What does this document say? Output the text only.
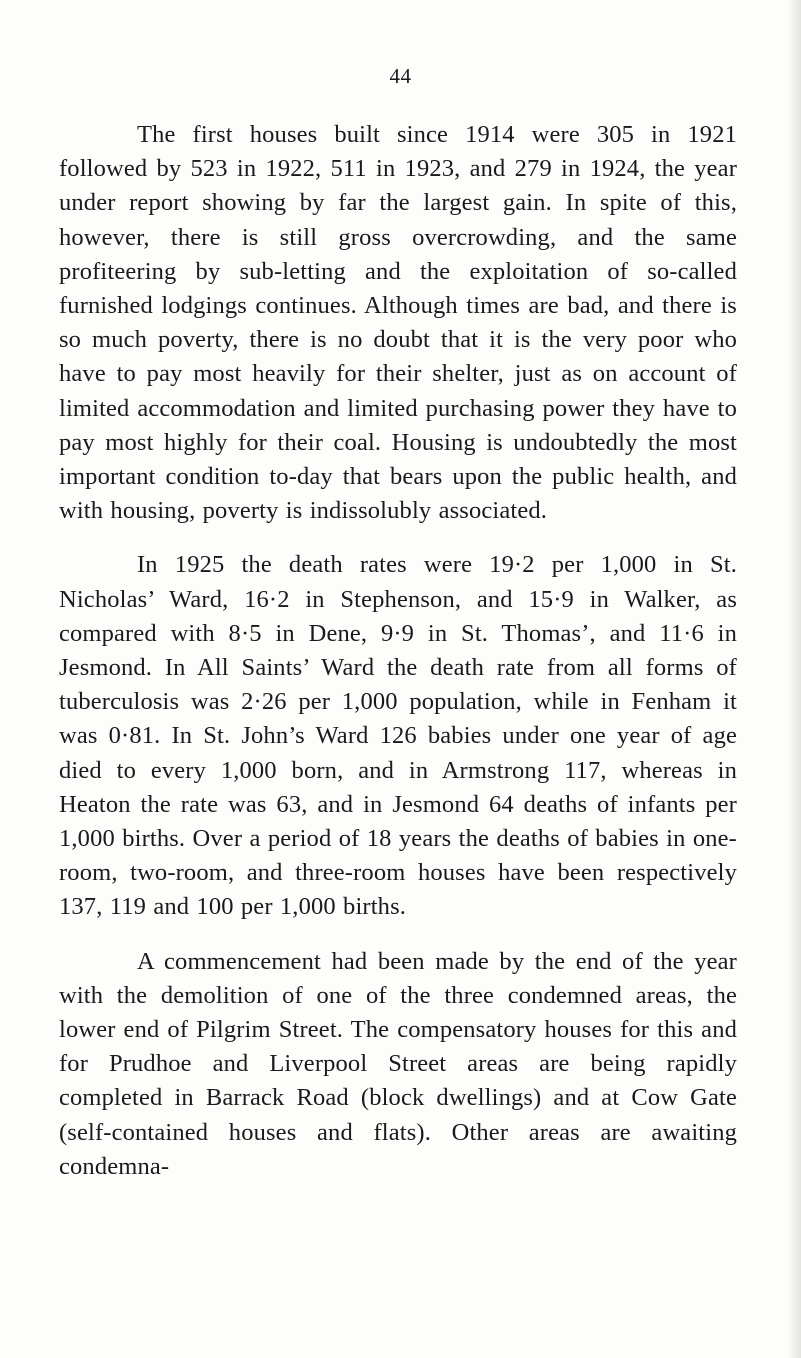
44

The first houses built since 1914 were 305 in 1921 followed by 523 in 1922, 511 in 1923, and 279 in 1924, the year under report showing by far the largest gain. In spite of this, however, there is still gross overcrowding, and the same profiteering by sub-letting and the exploitation of so-called furnished lodgings continues. Although times are bad, and there is so much poverty, there is no doubt that it is the very poor who have to pay most heavily for their shelter, just as on account of limited accommodation and limited purchasing power they have to pay most highly for their coal. Housing is undoubtedly the most important condition to-day that bears upon the public health, and with housing, poverty is indissolubly associated.

In 1925 the death rates were 19·2 per 1,000 in St. Nicholas’ Ward, 16·2 in Stephenson, and 15·9 in Walker, as compared with 8·5 in Dene, 9·9 in St. Thomas’, and 11·6 in Jesmond. In All Saints’ Ward the death rate from all forms of tuberculosis was 2·26 per 1,000 population, while in Fenham it was 0·81. In St. John’s Ward 126 babies under one year of age died to every 1,000 born, and in Armstrong 117, whereas in Heaton the rate was 63, and in Jesmond 64 deaths of infants per 1,000 births. Over a period of 18 years the deaths of babies in one-room, two-room, and three-room houses have been respectively 137, 119 and 100 per 1,000 births.

A commencement had been made by the end of the year with the demolition of one of the three condemned areas, the lower end of Pilgrim Street. The compensatory houses for this and for Prudhoe and Liverpool Street areas are being rapidly completed in Barrack Road (block dwellings) and at Cow Gate (self-contained houses and flats). Other areas are awaiting condemna-
